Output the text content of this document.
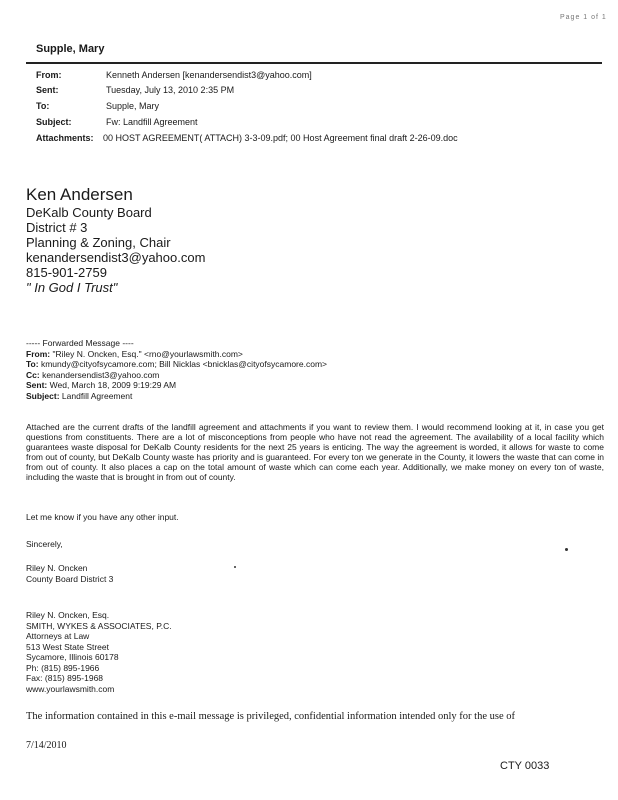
Page 1 of 1
Supple, Mary
From:	Kenneth Andersen [kenandersendist3@yahoo.com]
Sent:	Tuesday, July 13, 2010 2:35 PM
To:	Supple, Mary
Subject:	Fw: Landfill Agreement
Attachments: 00 HOST AGREEMENT( ATTACH) 3-3-09.pdf; 00 Host Agreement final draft 2-26-09.doc
Ken Andersen
DeKalb County Board
District # 3
Planning & Zoning, Chair
kenandersendist3@yahoo.com
815-901-2759
" In God I Trust"
----- Forwarded Message ----
From: "Riley N. Oncken, Esq." <rno@yourlawsmith.com>
To: kmundy@cityofsycamore.com; Bill Nicklas <bnicklas@cityofsycamore.com>
Cc: kenandersendist3@yahoo.com
Sent: Wed, March 18, 2009 9:19:29 AM
Subject: Landfill Agreement
Attached are the current drafts of the landfill agreement and attachments if you want to review them. I would recommend looking at it, in case you get questions from constituents. There are a lot of misconceptions from people who have not read the agreement. The availability of a local facility which guarantees waste disposal for DeKalb County residents for the next 25 years is enticing. The way the agreement is worded, it allows for waste to come from out of county, but DeKalb County waste has priority and is guaranteed. For every ton we generate in the County, it lowers the waste that can come in from out of county. It also places a cap on the total amount of waste which can come each year. Additionally, we make money on every ton of waste, including the waste that is brought in from out of county.
Let me know if you have any other input.
Sincerely,
Riley N. Oncken
County Board District 3
Riley N. Oncken, Esq.
SMITH, WYKES & ASSOCIATES, P.C.
Attorneys at Law
513 West State Street
Sycamore, Illinois 60178
Ph: (815) 895-1966
Fax: (815) 895-1968
www.yourlawsmith.com
The information contained in this e-mail message is privileged, confidential information intended only for the use of
7/14/2010
CTY 0033
